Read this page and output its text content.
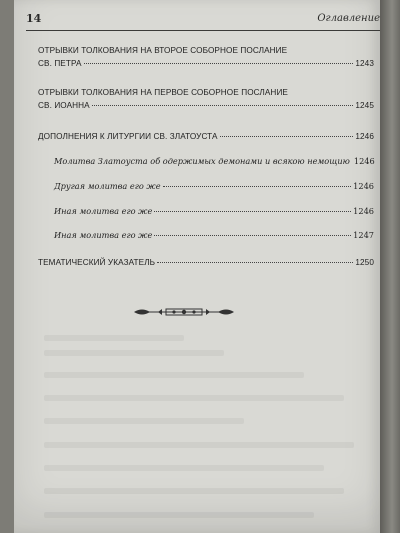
14	Оглавление
ОТРЫВКИ ТОЛКОВАНИЯ НА ВТОРОЕ СОБОРНОЕ ПОСЛАНИЕ
СВ. ПЕТРА	1243
ОТРЫВКИ ТОЛКОВАНИЯ НА ПЕРВОЕ СОБОРНОЕ ПОСЛАНИЕ
СВ. ИОАННА	1245
ДОПОЛНЕНИЯ К ЛИТУРГИИ СВ. ЗЛАТОУСТА	1246
Молитва Златоуста об одержимых демонами и всякою немощию 1246
Другая молитва его же	1246
Иная молитва его же	1246
Иная молитва его же	1247
ТЕМАТИЧЕСКИЙ УКАЗАТЕЛЬ	1250
